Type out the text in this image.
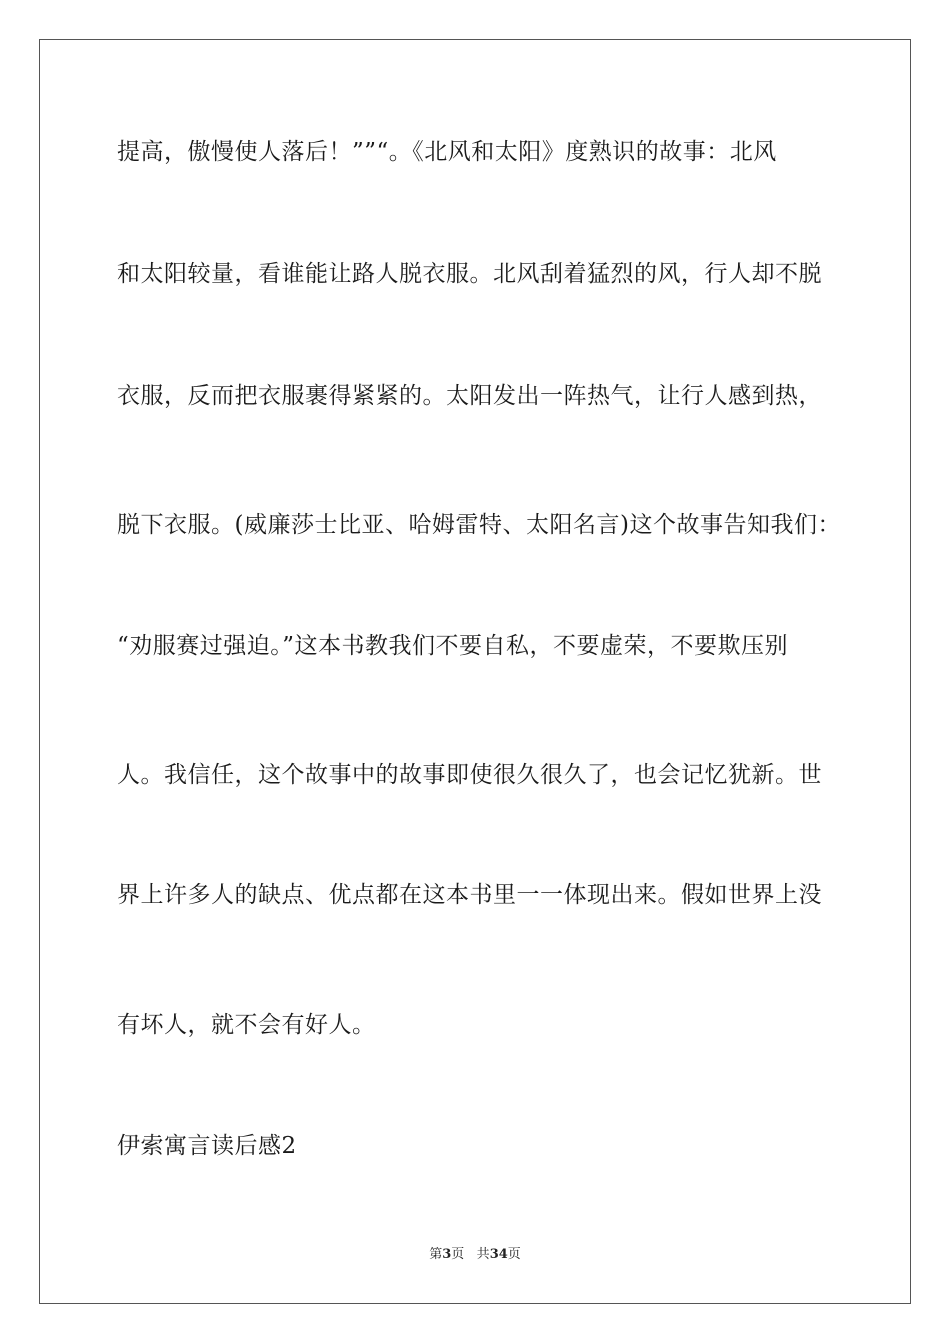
提高，傲慢使人落后！””“。《北风和太阳》度熟识的故事：北风
和太阳较量，看谁能让路人脱衣服。北风刮着猛烈的风，行人却不脱
衣服，反而把衣服裹得紧紧的。太阳发出一阵热气，让行人感到热，
脱下衣服。(威廉莎士比亚、哈姆雷特、太阳名言)这个故事告知我们：
“劝服赛过强迫。”这本书教我们不要自私，不要虚荣，不要欺压别
人。我信任，这个故事中的故事即使很久很久了，也会记忆犹新。世
界上许多人的缺点、优点都在这本书里一一体现出来。假如世界上没
有坏人，就不会有好人。
伊索寓言读后感2
第3页 共34页
